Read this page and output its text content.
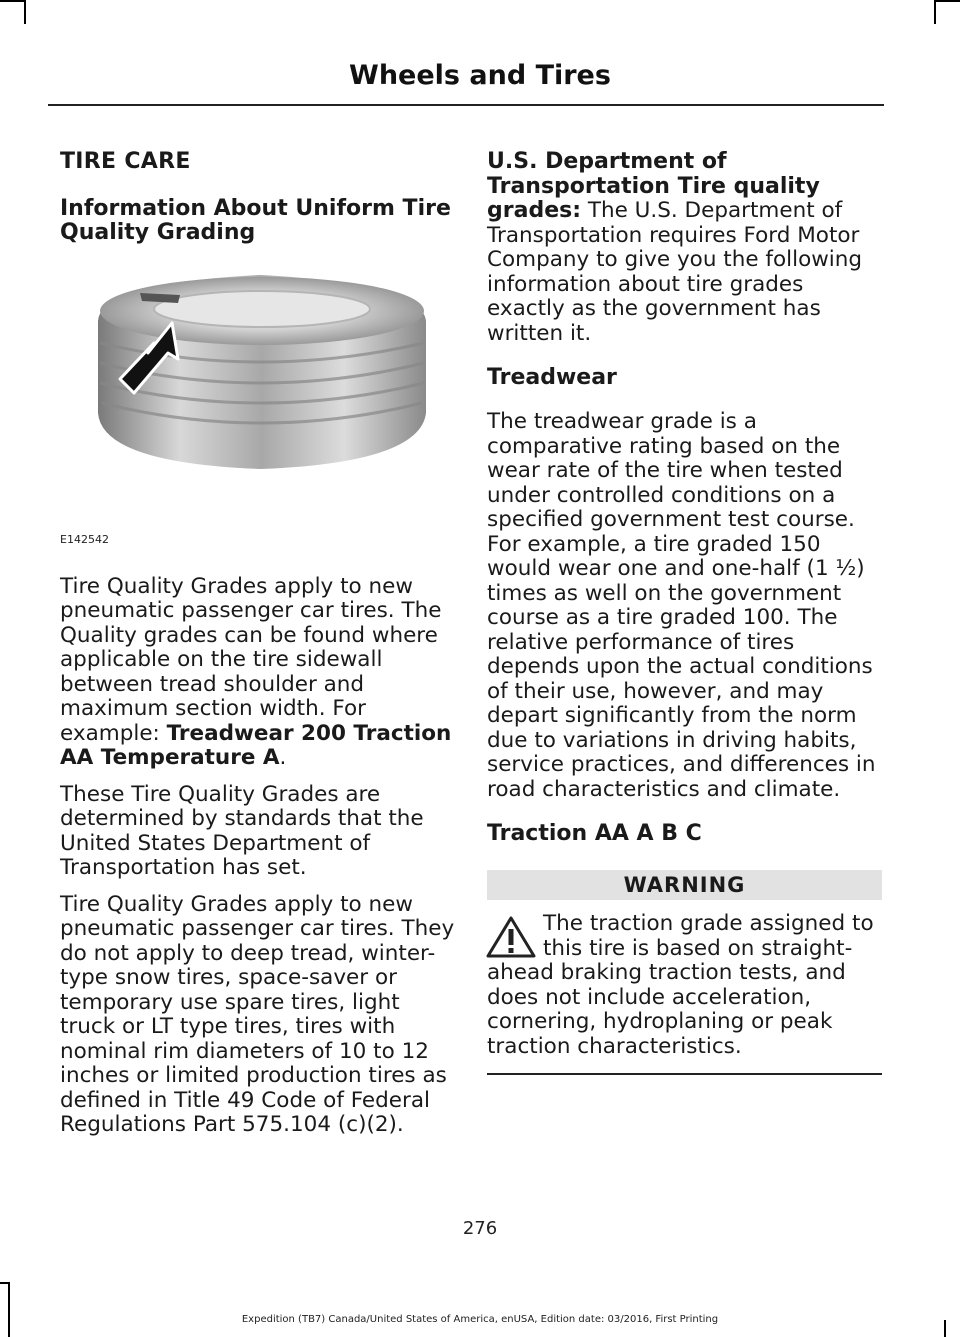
Wheels and Tires
TIRE CARE
Information About Uniform Tire Quality Grading
E142542

Tire Quality Grades apply to new pneumatic passenger car tires. The Quality grades can be found where applicable on the tire sidewall between tread shoulder and maximum section width. For example: Treadwear 200 Traction AA Temperature A.

These Tire Quality Grades are determined by standards that the United States Department of Transportation has set.

Tire Quality Grades apply to new pneumatic passenger car tires. They do not apply to deep tread, winter-type snow tires, space-saver or temporary use spare tires, light truck or LT type tires, tires with nominal rim diameters of 10 to 12 inches or limited production tires as defined in Title 49 Code of Federal Regulations Part 575.104 (c)(2).

U.S. Department of Transportation Tire quality grades: The U.S. Department of Transportation requires Ford Motor Company to give you the following information about tire grades exactly as the government has written it.

Treadwear

The treadwear grade is a comparative rating based on the wear rate of the tire when tested under controlled conditions on a specified government test course. For example, a tire graded 150 would wear one and one-half (1 ½) times as well on the government course as a tire graded 100. The relative performance of tires depends upon the actual conditions of their use, however, and may depart significantly from the norm due to variations in driving habits, service practices, and differences in road characteristics and climate.

Traction AA A B C
WARNING
The traction grade assigned to this tire is based on straight-ahead braking traction tests, and does not include acceleration, cornering, hydroplaning or peak traction characteristics.
276
Expedition (TB7) Canada/United States of America, enUSA, Edition date: 03/2016, First Printing
